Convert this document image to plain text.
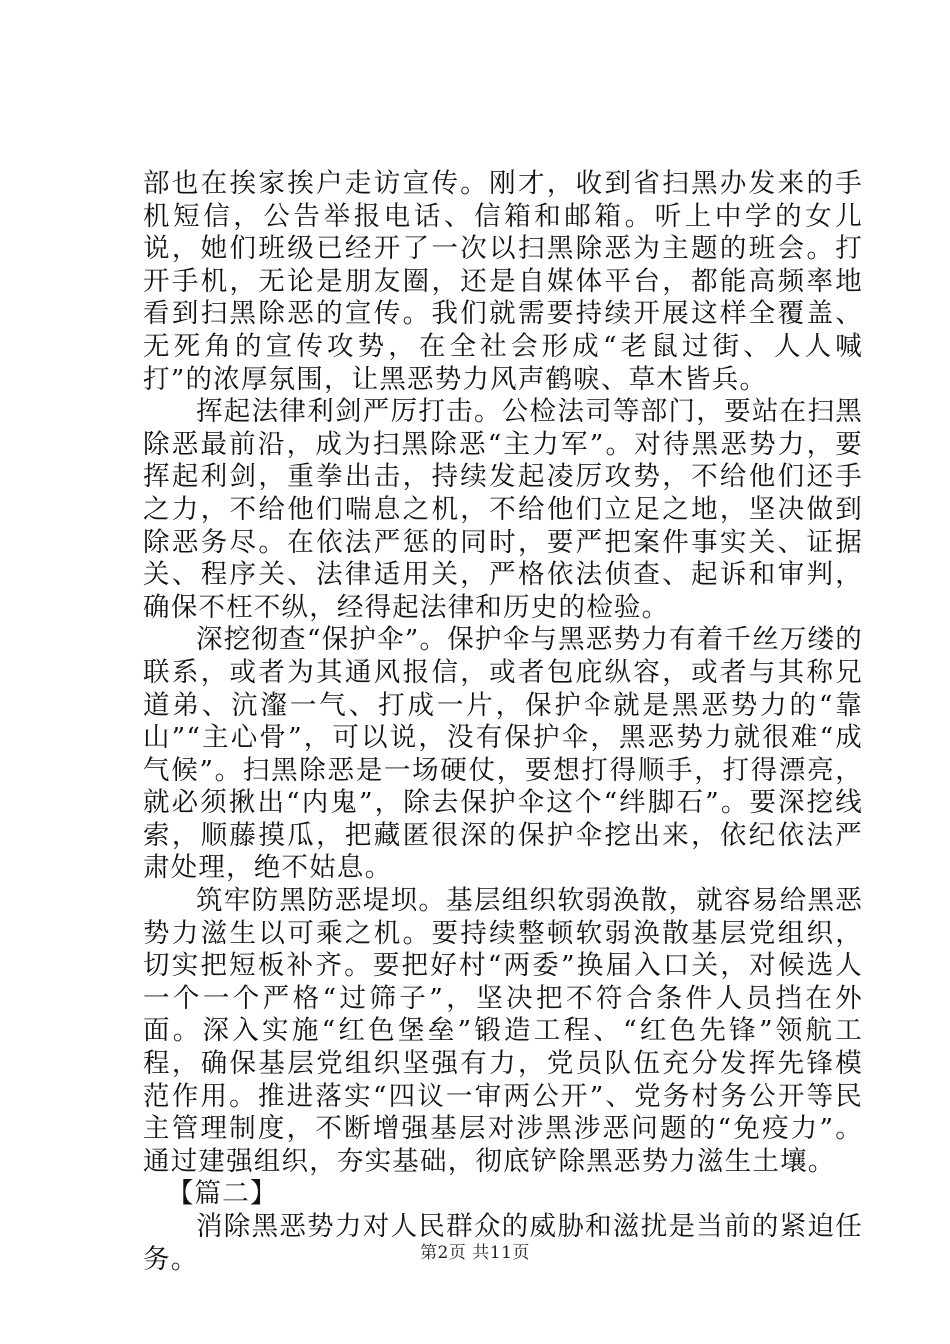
部也在挨家挨户走访宣传。刚才，收到省扫黑办发来的手机短信，公告举报电话、信箱和邮箱。听上中学的女儿说，她们班级已经开了一次以扫黑除恶为主题的班会。打开手机，无论是朋友圈，还是自媒体平台，都能高频率地看到扫黑除恶的宣传。我们就需要持续开展这样全覆盖、无死角的宣传攻势，在全社会形成“老鼠过街、人人喊打”的浓厚氛围，让黑恶势力风声鹤唳、草木皆兵。

挥起法律利剑严厉打击。公检法司等部门，要站在扫黑除恶最前沿，成为扫黑除恶“主力军”。对待黑恶势力，要挥起利剑，重拳出击，持续发起凌厉攻势，不给他们还手之力，不给他们喘息之机，不给他们立足之地，坚决做到除恶务尽。在依法严惩的同时，要严把案件事实关、证据关、程序关、法律适用关，严格依法侦查、起诉和审判，确保不枉不纵，经得起法律和历史的检验。

深挖彻查“保护伞”。保护伞与黑恶势力有着千丝万缕的联系，或者为其通风报信，或者包庇纵容，或者与其称兄道弟、沆瀣一气、打成一片，保护伞就是黑恶势力的“靠山”“主心骨”，可以说，没有保护伞，黑恶势力就很难“成气候”。扫黑除恶是一场硬仗，要想打得顺手，打得漂亮，就必须揪出“内鬼”，除去保护伞这个“绊脚石”。要深挖线索，顺藤摸瓜，把藏匿很深的保护伞挖出来，依纪依法严肃处理，绝不姑息。

筑牢防黑防恶堤坝。基层组织软弱涣散，就容易给黑恶势力滋生以可乘之机。要持续整顿软弱涣散基层党组织，切实把短板补齐。要把好村“两委”换届入口关，对候选人一个一个严格“过筛子”，坚决把不符合条件人员挡在外面。深入实施“红色堡垒”锻造工程、“红色先锋”领航工程，确保基层党组织坚强有力，党员队伍充分发挥先锋模范作用。推进落实“四议一审两公开”、党务村务公开等民主管理制度，不断增强基层对涉黑涉恶问题的“免疫力”。通过建强组织，夯实基础，彻底铲除黑恶势力滋生土壤。

【篇二】

消除黑恶势力对人民群众的威胁和滋扰是当前的紧迫任务。	第2页 共11页
